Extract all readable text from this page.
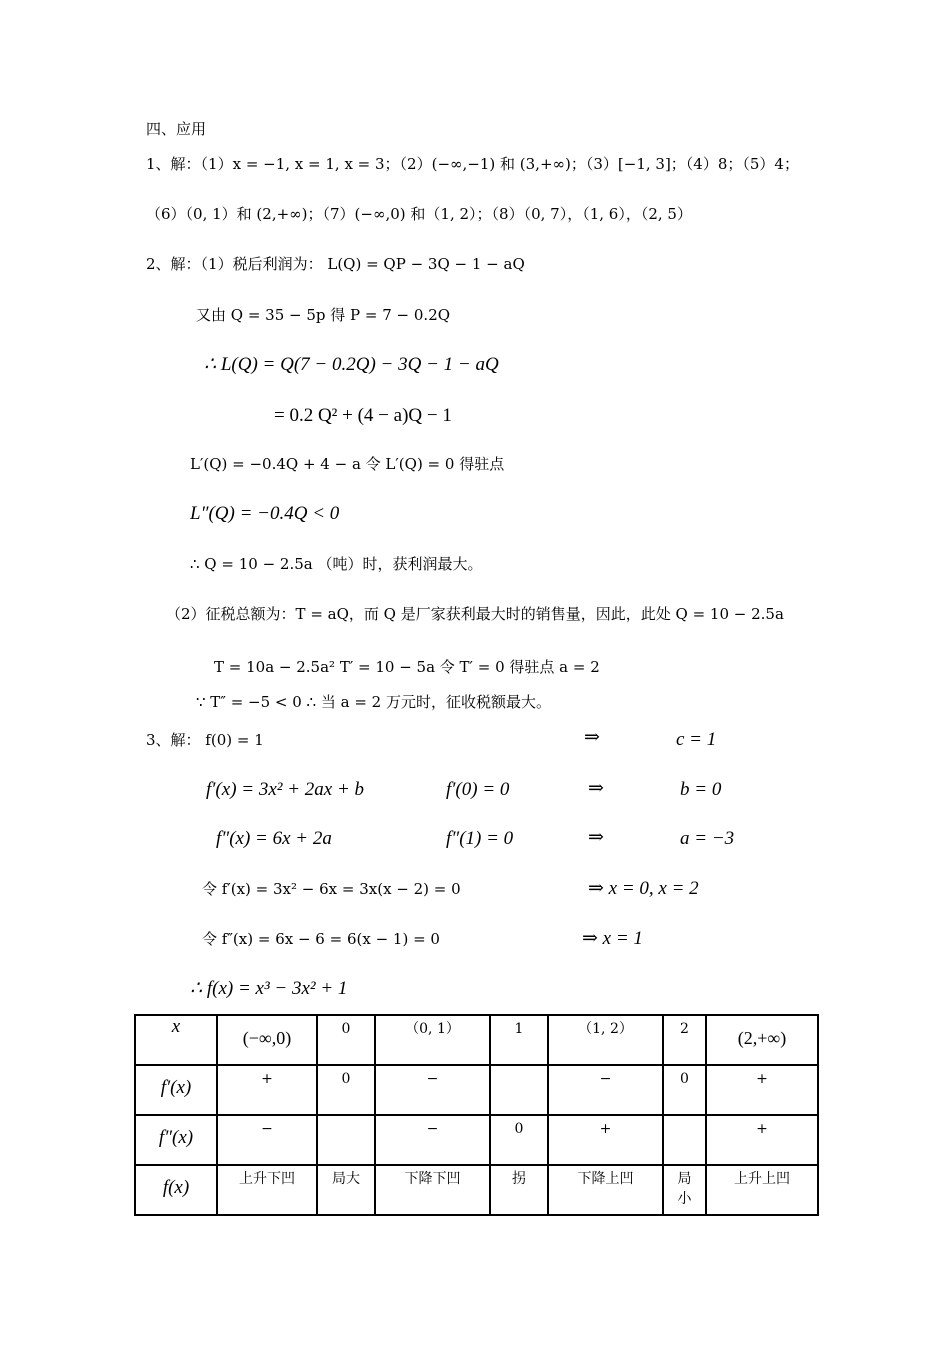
四、应用
1、解：（1）x = −1, x = 1, x = 3；（2）(−∞,−1) 和 (3,+∞)；（3）[−1, 3]；（4）8；（5）4；
（6）（0, 1）和 (2,+∞)；（7）(−∞,0) 和（1, 2）；（8）（0, 7），（1, 6），（2, 5）
2、解：（1）税后利润为： L(Q) = QP − 3Q − 1 − aQ
又由 Q = 35 − 5p 得 P = 7 − 0.2Q
∴ L(Q) = Q(7 − 0.2Q) − 3Q − 1 − aQ
= 0.2 Q² + (4 − a)Q − 1
L′(Q) = −0.4Q + 4 − a 令 L′(Q) = 0 得驻点
L″(Q) = −0.4Q < 0
∴ Q = 10 − 2.5a （吨）时，获利润最大。
（2）征税总额为：T = aQ，而 Q 是厂家获利最大时的销售量，因此，此处 Q = 10 − 2.5a
T = 10a − 2.5a² T′ = 10 − 5a 令 T′ = 0 得驻点 a = 2
∵ T″ = −5 < 0 ∴ 当 a = 2 万元时，征收税额最大。
3、解： f(0) = 1	⇒	c = 1
f′(x) = 3x² + 2ax + b	f′(0) = 0	⇒	b = 0
f″(x) = 6x + 2a	f″(1) = 0	⇒	a = −3
令 f′(x) = 3x² − 6x = 3x(x − 2) = 0	⇒ x = 0, x = 2
令 f″(x) = 6x − 6 = 6(x − 1) = 0	⇒ x = 1
∴ f(x) = x³ − 3x² + 1
x	(−∞,0)	0	（0, 1）	1	（1, 2）	2	(2,+∞)

f′(x)	+	0	−		−	0	+

f″(x)	−		−	0	+		+

f(x)	上升下凹	局大	下降下凹	拐	下降上凹	局小	上升上凹
